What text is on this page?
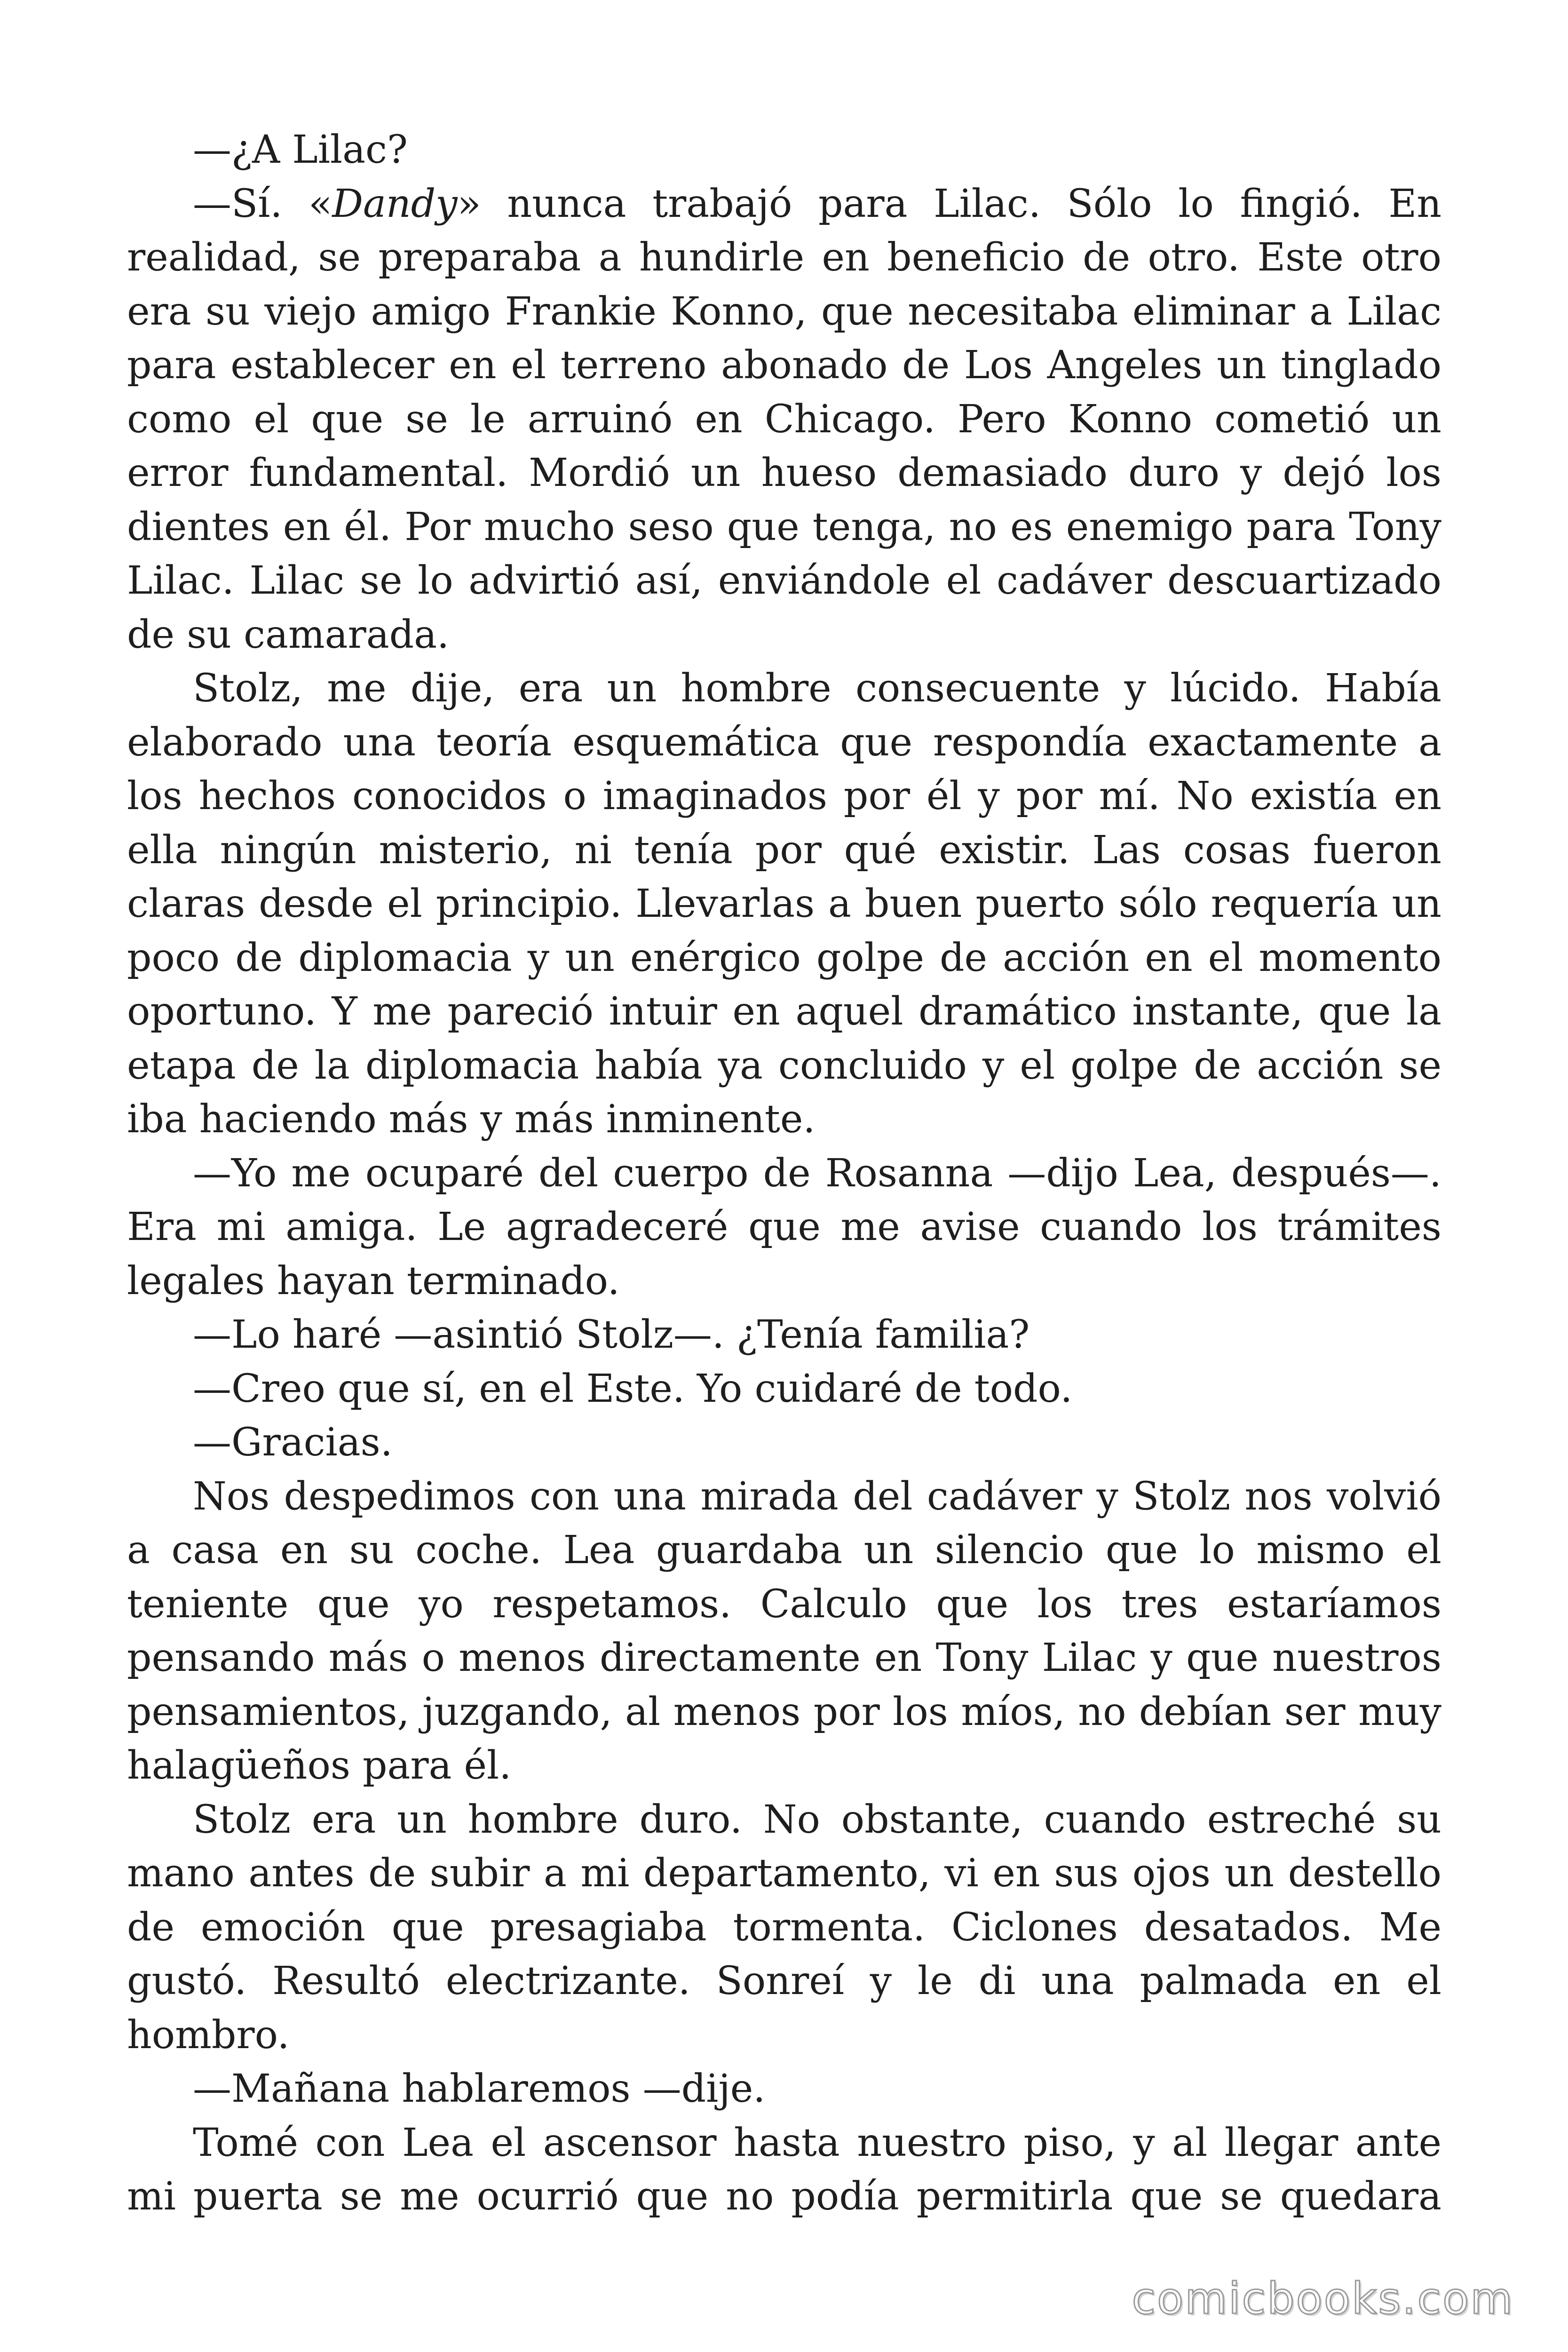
—¿A Lilac?

—Sí. «Dandy» nunca trabajó para Lilac. Sólo lo fingió. En realidad, se preparaba a hundirle en beneficio de otro. Este otro era su viejo amigo Frankie Konno, que necesitaba eliminar a Lilac para establecer en el terreno abonado de Los Angeles un tinglado como el que se le arruinó en Chicago. Pero Konno cometió un error fundamental. Mordió un hueso demasiado duro y dejó los dientes en él. Por mucho seso que tenga, no es enemigo para Tony Lilac. Lilac se lo advirtió así, enviándole el cadáver descuartizado de su camarada.

Stolz, me dije, era un hombre consecuente y lúcido. Había elaborado una teoría esquemática que respondía exactamente a los hechos conocidos o imaginados por él y por mí. No existía en ella ningún misterio, ni tenía por qué existir. Las cosas fueron claras desde el principio. Llevarlas a buen puerto sólo requería un poco de diplomacia y un enérgico golpe de acción en el momento oportuno. Y me pareció intuir en aquel dramático instante, que la etapa de la diplomacia había ya concluido y el golpe de acción se iba haciendo más y más inminente.

—Yo me ocuparé del cuerpo de Rosanna —dijo Lea, después—. Era mi amiga. Le agradeceré que me avise cuando los trámites legales hayan terminado.

—Lo haré —asintió Stolz—. ¿Tenía familia?

—Creo que sí, en el Este. Yo cuidaré de todo.

—Gracias.

Nos despedimos con una mirada del cadáver y Stolz nos volvió a casa en su coche. Lea guardaba un silencio que lo mismo el teniente que yo respetamos. Calculo que los tres estaríamos pensando más o menos directamente en Tony Lilac y que nuestros pensamientos, juzgando, al menos por los míos, no debían ser muy halagüeños para él.

Stolz era un hombre duro. No obstante, cuando estreché su mano antes de subir a mi departamento, vi en sus ojos un destello de emoción que presagiaba tormenta. Ciclones desatados. Me gustó. Resultó electrizante. Sonreí y le di una palmada en el hombro.

—Mañana hablaremos —dije.

Tomé con Lea el ascensor hasta nuestro piso, y al llegar ante mi puerta se me ocurrió que no podía permitirla que se quedara

comicbooks.com
